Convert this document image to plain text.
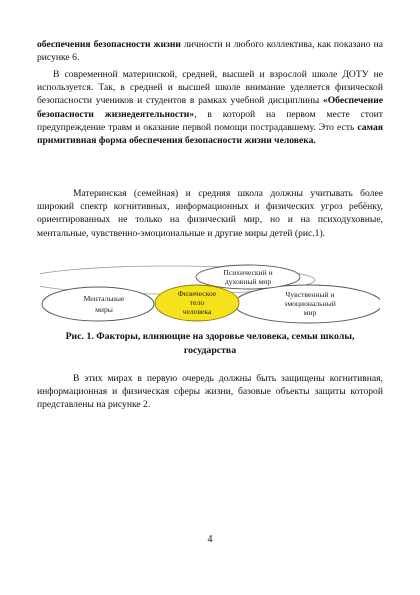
обеспечения безопасности жизни личности и любого коллектива, как показано на рисунке 6.

В современной материнской, средней, высшей и взрослой школе ДОТУ не используется. Так, в средней и высшей школе внимание уделяется физической безопасности учеников и студентов в рамках учебной дисциплины «Обеспечение безопасности жизнедеятельности», в которой на первом месте стоит предупреждение травм и оказание первой помощи пострадавшему. Это есть самая примитивная форма обеспечения безопасности жизни человека.

Материнская (семейная) и средняя школа должны учитывать более широкий спектр когнитивных, информационных и физических угроз ребёнку, ориентированных не только на физический мир, но и на психодуховные, ментальные, чувственно-эмоциональные и другие миры детей (рис.1).

Психический и
духовный мир
Ментальные
миры
Физическое
тело
человека
Чувственный и
эмоциональный
мир

Рис. 1. Факторы, влияющие на здоровье человека, семьи школы,
государства

В этих мирах в первую очередь должны быть защищены когнитивная, информационная и физическая сферы жизни, базовые объекты защиты которой представлены на рисунке 2.

4
